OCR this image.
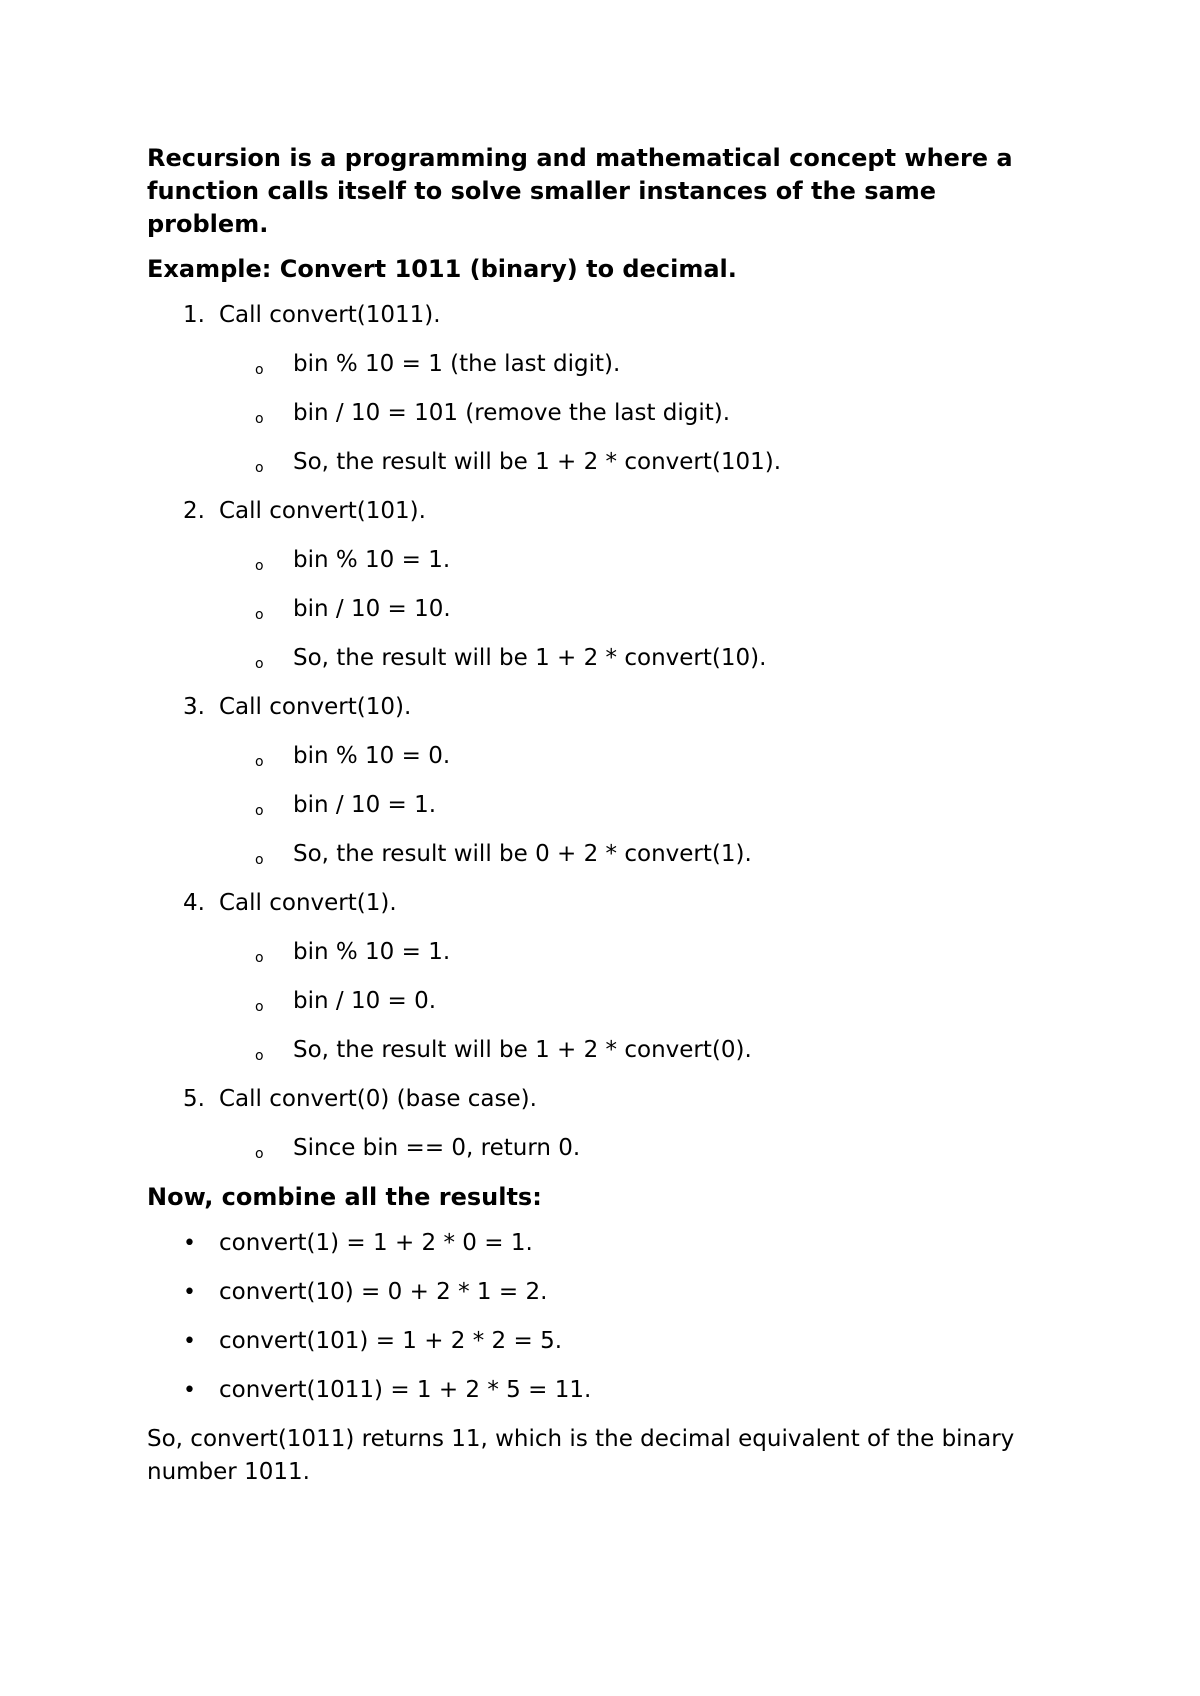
Recursion is a programming and mathematical concept where a function calls itself to solve smaller instances of the same problem.

Example: Convert 1011 (binary) to decimal.

1. Call convert(1011).
o bin % 10 = 1 (the last digit).
o bin / 10 = 101 (remove the last digit).
o So, the result will be 1 + 2 * convert(101).
2. Call convert(101).
o bin % 10 = 1.
o bin / 10 = 10.
o So, the result will be 1 + 2 * convert(10).
3. Call convert(10).
o bin % 10 = 0.
o bin / 10 = 1.
o So, the result will be 0 + 2 * convert(1).
4. Call convert(1).
o bin % 10 = 1.
o bin / 10 = 0.
o So, the result will be 1 + 2 * convert(0).
5. Call convert(0) (base case).
o Since bin == 0, return 0.

Now, combine all the results:

• convert(1) = 1 + 2 * 0 = 1.
• convert(10) = 0 + 2 * 1 = 2.
• convert(101) = 1 + 2 * 2 = 5.
• convert(1011) = 1 + 2 * 5 = 11.

So, convert(1011) returns 11, which is the decimal equivalent of the binary number 1011.
